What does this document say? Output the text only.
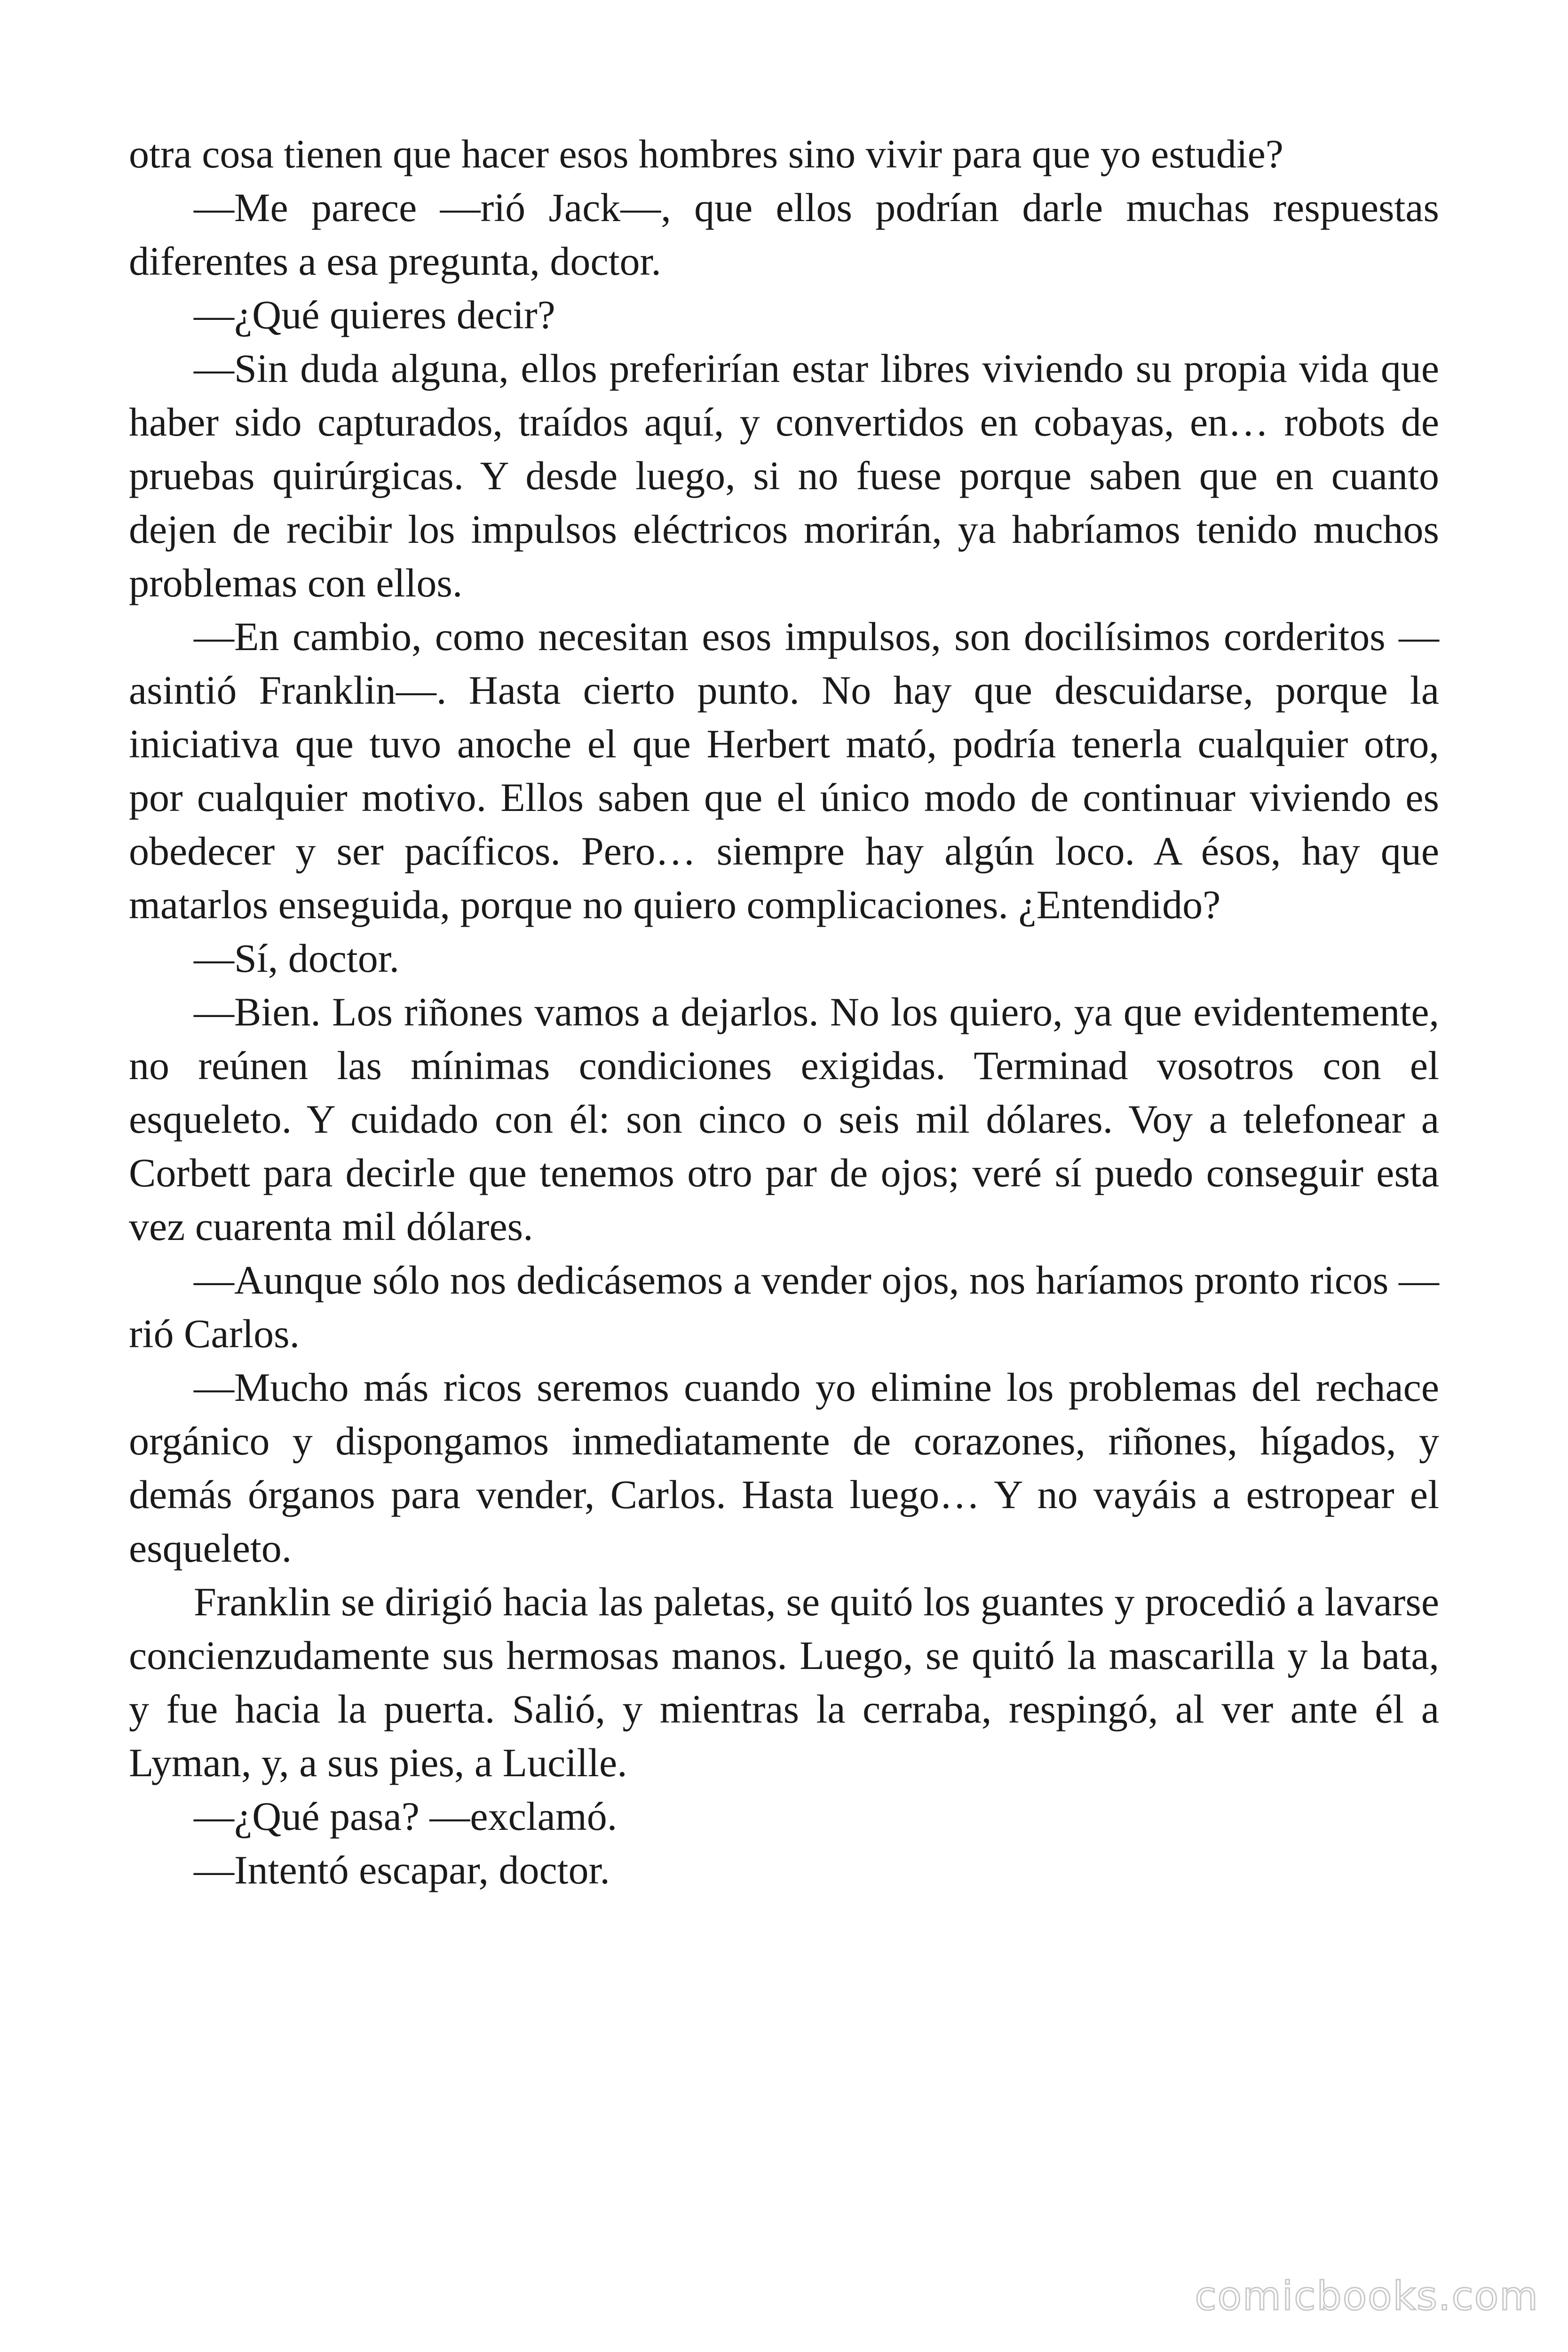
otra cosa tienen que hacer esos hombres sino vivir para que yo estudie?

—Me parece —rió Jack—, que ellos podrían darle muchas respuestas diferentes a esa pregunta, doctor.

—¿Qué quieres decir?

—Sin duda alguna, ellos preferirían estar libres viviendo su propia vida que haber sido capturados, traídos aquí, y convertidos en cobayas, en… robots de pruebas quirúrgicas. Y desde luego, si no fuese porque saben que en cuanto dejen de recibir los impulsos eléctricos morirán, ya habríamos tenido muchos problemas con ellos.

—En cambio, como necesitan esos impulsos, son docilísimos corderitos —asintió Franklin—. Hasta cierto punto. No hay que descuidarse, porque la iniciativa que tuvo anoche el que Herbert mató, podría tenerla cualquier otro, por cualquier motivo. Ellos saben que el único modo de continuar viviendo es obedecer y ser pacíficos. Pero… siempre hay algún loco. A ésos, hay que matarlos enseguida, porque no quiero complicaciones. ¿Entendido?

—Sí, doctor.

—Bien. Los riñones vamos a dejarlos. No los quiero, ya que evidentemente, no reúnen las mínimas condiciones exigidas. Terminad vosotros con el esqueleto. Y cuidado con él: son cinco o seis mil dólares. Voy a telefonear a Corbett para decirle que tenemos otro par de ojos; veré sí puedo conseguir esta vez cuarenta mil dólares.

—Aunque sólo nos dedicásemos a vender ojos, nos haríamos pronto ricos —rió Carlos.

—Mucho más ricos seremos cuando yo elimine los problemas del rechace orgánico y dispongamos inmediatamente de corazones, riñones, hígados, y demás órganos para vender, Carlos. Hasta luego… Y no vayáis a estropear el esqueleto.

Franklin se dirigió hacia las paletas, se quitó los guantes y procedió a lavarse concienzudamente sus hermosas manos. Luego, se quitó la mascarilla y la bata, y fue hacia la puerta. Salió, y mientras la cerraba, respingó, al ver ante él a Lyman, y, a sus pies, a Lucille.

—¿Qué pasa? —exclamó.

—Intentó escapar, doctor.

comicbooks.com
